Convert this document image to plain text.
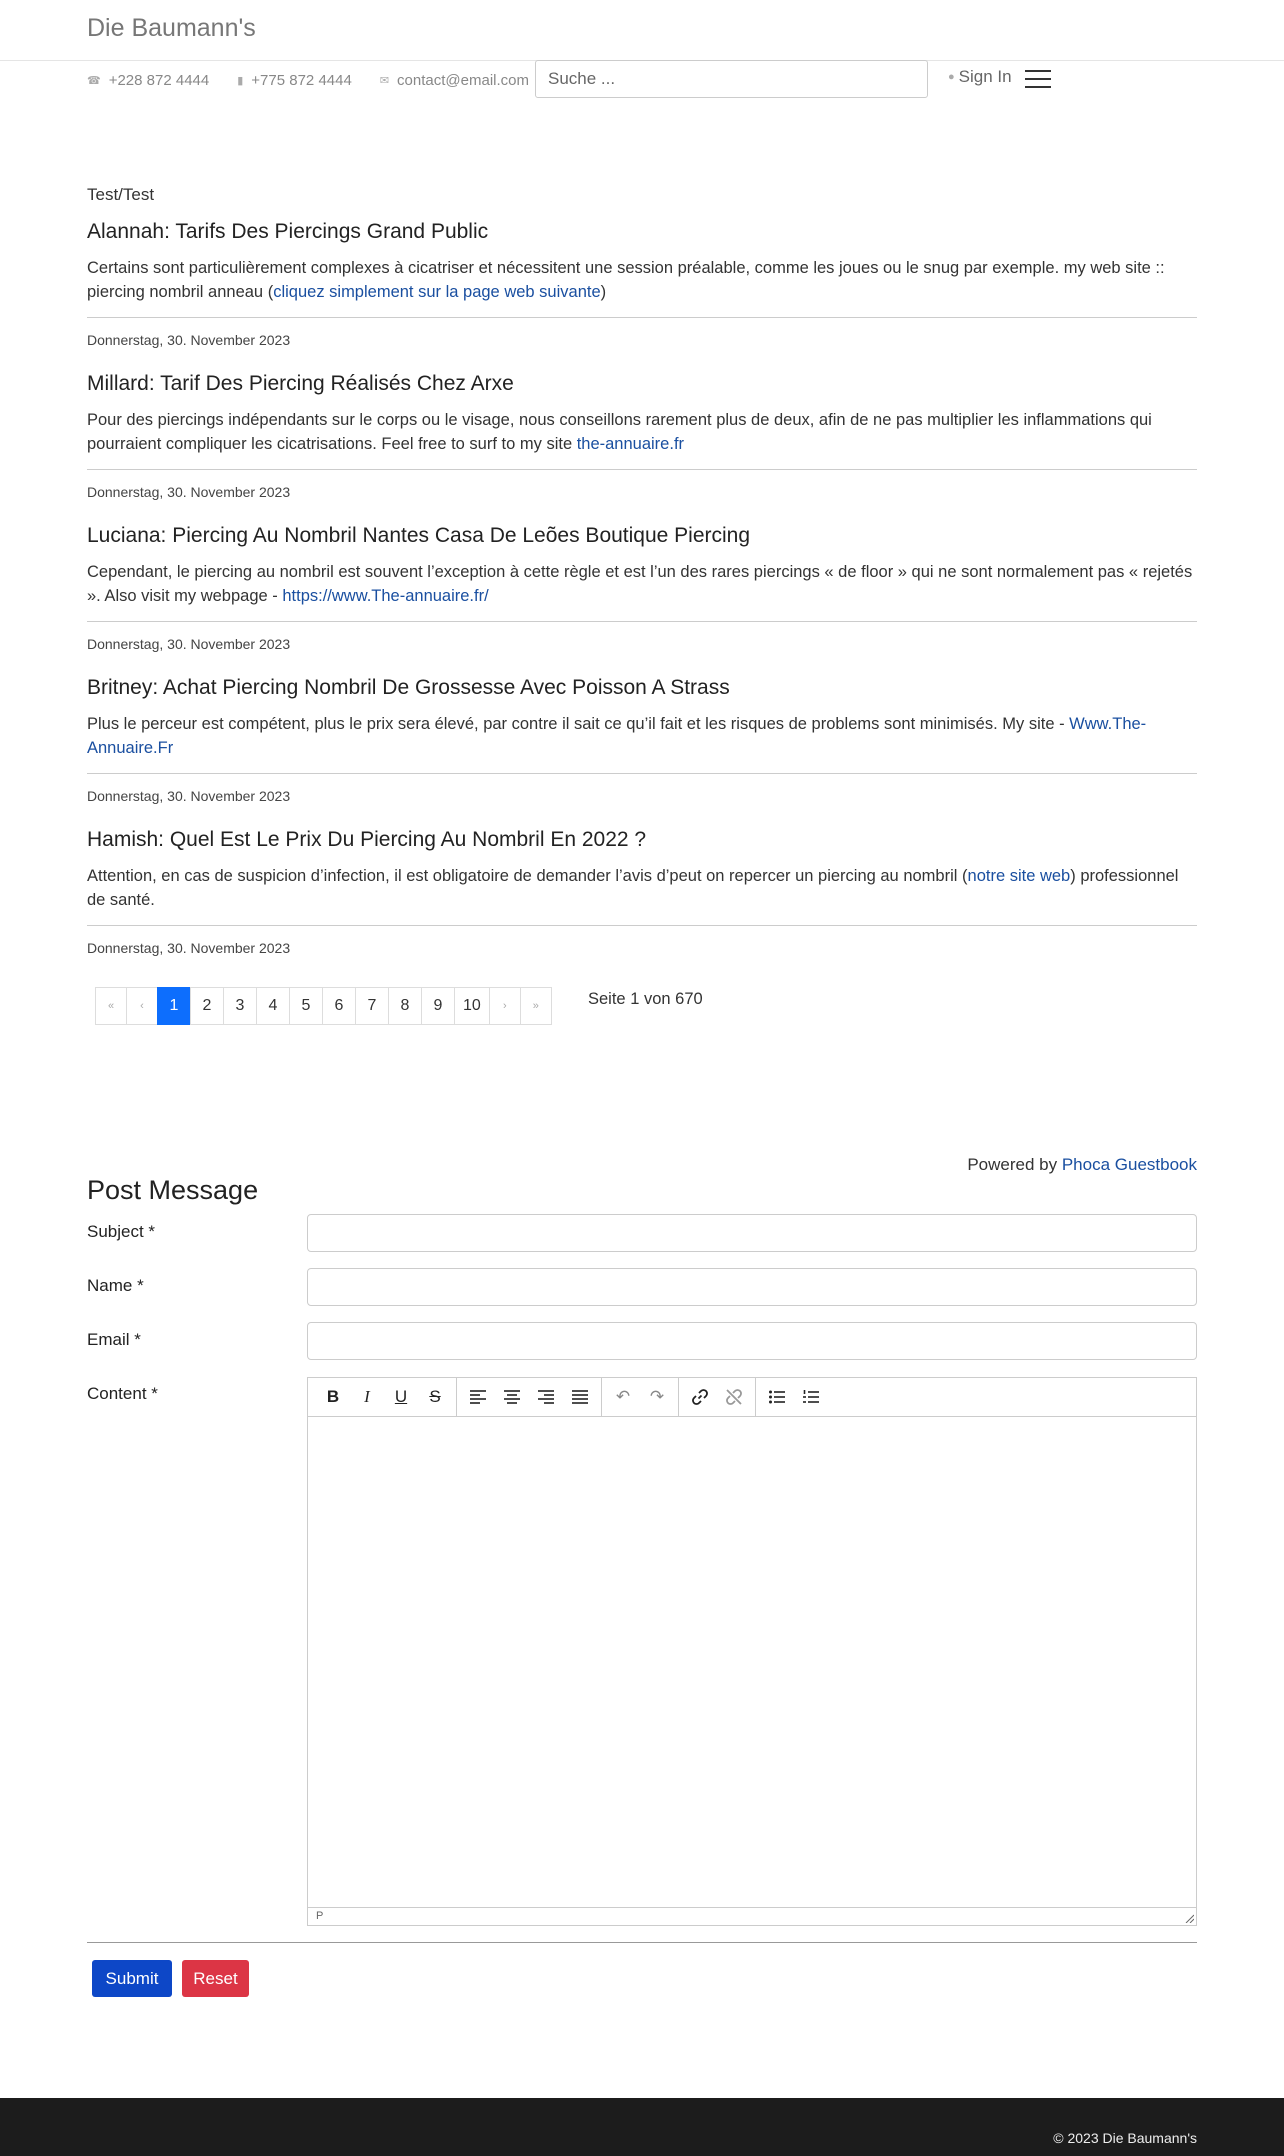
Die Baumann's
☎ +228 872 4444	▮ +775 872 4444	✉ contact@email.com
Suche ...	● Sign In
Test/Test
Alannah: Tarifs Des Piercings Grand Public
Certains sont particulièrement complexes à cicatriser et nécessitent une session préalable, comme les joues ou le snug par exemple. my web site :: piercing nombril anneau (cliquez simplement sur la page web suivante)
Donnerstag, 30. November 2023
Millard: Tarif Des Piercing Réalisés Chez Arxe
Pour des piercings indépendants sur le corps ou le visage, nous conseillons rarement plus de deux, afin de ne pas multiplier les inflammations qui pourraient compliquer les cicatrisations. Feel free to surf to my site the-annuaire.fr
Donnerstag, 30. November 2023
Luciana: Piercing Au Nombril Nantes Casa De Leões Boutique Piercing
Cependant, le piercing au nombril est souvent l’exception à cette règle et est l’un des rares piercings « de floor » qui ne sont normalement pas « rejetés ». Also visit my webpage - https://www.The-annuaire.fr/
Donnerstag, 30. November 2023
Britney: Achat Piercing Nombril De Grossesse Avec Poisson A Strass
Plus le perceur est compétent, plus le prix sera élevé, par contre il sait ce qu’il fait et les risques de problems sont minimisés. My site - Www.The-Annuaire.Fr
Donnerstag, 30. November 2023
Hamish: Quel Est Le Prix Du Piercing Au Nombril En 2022 ?
Attention, en cas de suspicion d’infection, il est obligatoire de demander l’avis d’peut on repercer un piercing au nombril (notre site web) professionnel de santé.
Donnerstag, 30. November 2023
« ‹	1	2	3	4	5	6	7	8	9	10	› »	Seite 1 von 670
Powered by Phoca Guestbook
Post Message
Subject *
Name *
Email *
Content *	B I U S	↶ ↷
P
Submit	Reset
© 2023 Die Baumann's
